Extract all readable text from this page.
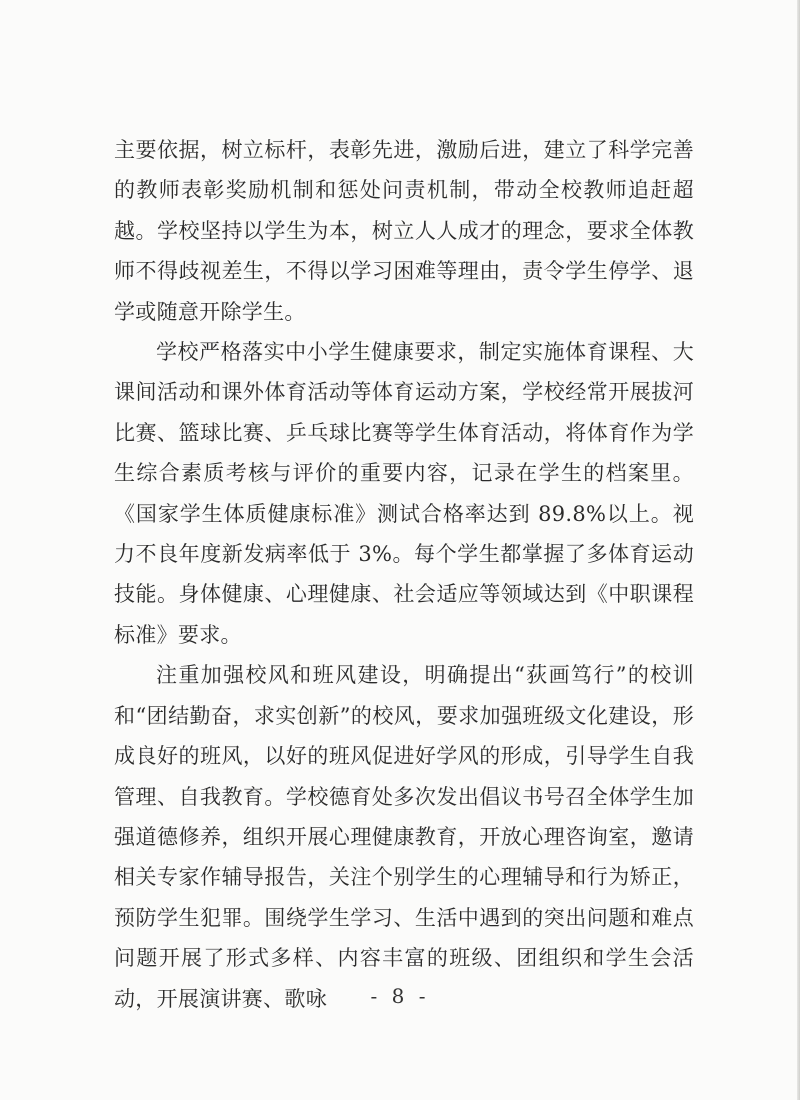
主要依据，树立标杆，表彰先进，激励后进，建立了科学完善的教师表彰奖励机制和惩处问责机制，带动全校教师追赶超越。学校坚持以学生为本，树立人人成才的理念，要求全体教师不得歧视差生，不得以学习困难等理由，责令学生停学、退学或随意开除学生。

学校严格落实中小学生健康要求，制定实施体育课程、大课间活动和课外体育活动等体育运动方案，学校经常开展拔河比赛、篮球比赛、乒乓球比赛等学生体育活动，将体育作为学生综合素质考核与评价的重要内容，记录在学生的档案里。《国家学生体质健康标准》测试合格率达到 89.8%以上。视力不良年度新发病率低于 3%。每个学生都掌握了多体育运动技能。身体健康、心理健康、社会适应等领域达到《中职课程标准》要求。

注重加强校风和班风建设，明确提出“荻画笃行”的校训和“团结勤奋，求实创新”的校风，要求加强班级文化建设，形成良好的班风，以好的班风促进好学风的形成，引导学生自我管理、自我教育。学校德育处多次发出倡议书号召全体学生加强道德修养，组织开展心理健康教育，开放心理咨询室，邀请相关专家作辅导报告，关注个别学生的心理辅导和行为矫正，预防学生犯罪。围绕学生学习、生活中遇到的突出问题和难点问题开展了形式多样、内容丰富的班级、团组织和学生会活动，开展演讲赛、歌咏	- 8 -
